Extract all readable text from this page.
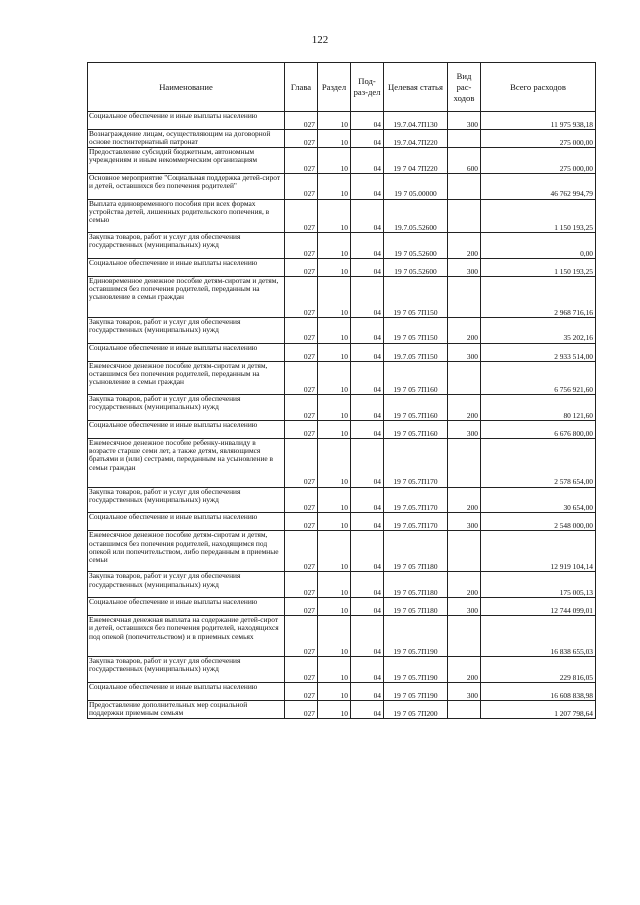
122
Наименование	Глава	Раздел	Под-раз-дел	Целевая статья	Вид рас-ходов	Всего расходов
Социальное обеспечение и иные выплаты населению	027	10	04	19.7.04.7П130	300	11 975 938,18
Вознаграждение лицам, осуществляющим на договорной основе постинтернатный патронат	027	10	04	19.7.04.7П220		275 000,00
Предоставление субсидий бюджетным, автономным учреждениям и иным некоммерческим организациям	027	10	04	19 7 04 7П220	600	275 000,00
Основное мероприятие "Социальная поддержка детей-сирот и детей, оставшихся без попечения родителей"	027	10	04	19 7 05.00000		46 762 994,79
Выплата единовременного пособия при всех формах устройства детей, лишенных родительского попечения, в семью	027	10	04	19.7.05.52600		1 150 193,25
Закупка товаров, работ и услуг для обеспечения государственных (муниципальных) нужд	027	10	04	19 7 05.52600	200	0,00
Социальное обеспечение и иные выплаты населению	027	10	04	19 7 05.52600	300	1 150 193,25
Единовременное денежное пособие детям-сиротам и детям, оставшимся без попечения родителей, переданным на усыновление в семьи граждан	027	10	04	19 7 05 7П150		2 968 716,16
Закупка товаров, работ и услуг для обеспечения государственных (муниципальных) нужд	027	10	04	19 7 05 7П150	200	35 202,16
Социальное обеспечение и иные выплаты населению	027	10	04	19.7.05 7П150	300	2 933 514,00
Ежемесячное денежное пособие детям-сиротам и детям, оставшимся без попечения родителей, переданным на усыновление в семьи граждан	027	10	04	19 7 05 7П160		6 756 921,60
Закупка товаров, работ и услуг для обеспечения государственных (муниципальных) нужд	027	10	04	19 7 05.7П160	200	80 121,60
Социальное обеспечение и иные выплаты населению	027	10	04	19 7 05.7П160	300	6 676 800,00
Ежемесячное денежное пособие ребенку-инвалиду в возрасте старше семи лет, а также детям, являющимся братьями и (или) сестрами, переданным на усыновление в семьи граждан	027	10	04	19 7 05.7П170		2 578 654,00
Закупка товаров, работ и услуг для обеспечения государственных (муниципальных) нужд	027	10	04	19 7.05.7П170	200	30 654,00
Социальное обеспечение и иные выплаты населению	027	10	04	19 7.05.7П170	300	2 548 000,00
Ежемесячное денежное пособие детям-сиротам и детям, оставшимся без попечения родителей, находящимся под опекой или попечительством, либо переданным в приемные семьи	027	10	04	19 7 05 7П180		12 919 104,14
Закупка товаров, работ и услуг для обеспечения государственных (муниципальных) нужд	027	10	04	19 7 05.7П180	200	175 005,13
Социальное обеспечение и иные выплаты населению	027	10	04	19 7 05 7П180	300	12 744 099,01
Ежемесячная денежная выплата на содержание детей-сирот и детей, оставшихся без попечения родителей, находящихся под опекой (попечительством) и в приемных семьях	027	10	04	19 7 05.7П190		16 838 655,03
Закупка товаров, работ и услуг для обеспечения государственных (муниципальных) нужд	027	10	04	19 7 05.7П190	200	229 816,05
Социальное обеспечение и иные выплаты населению	027	10	04	19 7 05 7П190	300	16 608 838,98
Предоставление дополнительных мер социальной поддержки приемным семьям	027	10	04	19 7 05 7П200		1 207 798,64
